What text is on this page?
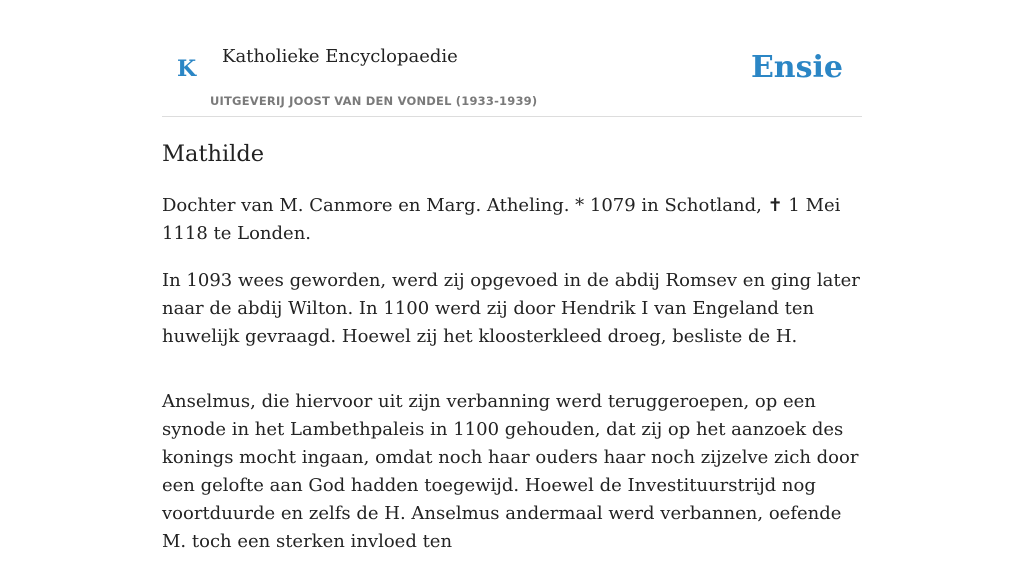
K Katholieke Encyclopaedie
UITGEVERIJ JOOST VAN DEN VONDEL (1933-1939)
Ensie
Mathilde

Dochter van M. Canmore en Marg. Atheling. * 1079 in Schotland, ✝ 1 Mei 1118 te Londen.

In 1093 wees geworden, werd zij opgevoed in de abdij Romsev en ging later naar de abdij Wilton. In 1100 werd zij door Hendrik I van Engeland ten huwelijk gevraagd. Hoewel zij het kloosterkleed droeg, besliste de H.

Anselmus, die hiervoor uit zijn verbanning werd teruggeroepen, op een synode in het Lambethpaleis in 1100 gehouden, dat zij op het aanzoek des konings mocht ingaan, omdat noch haar ouders haar noch zijzelve zich door een gelofte aan God hadden toegewijd. Hoewel de Investituurstrijd nog voortduurde en zelfs de H. Anselmus andermaal werd verbannen, oefende M. toch een sterken invloed ten
